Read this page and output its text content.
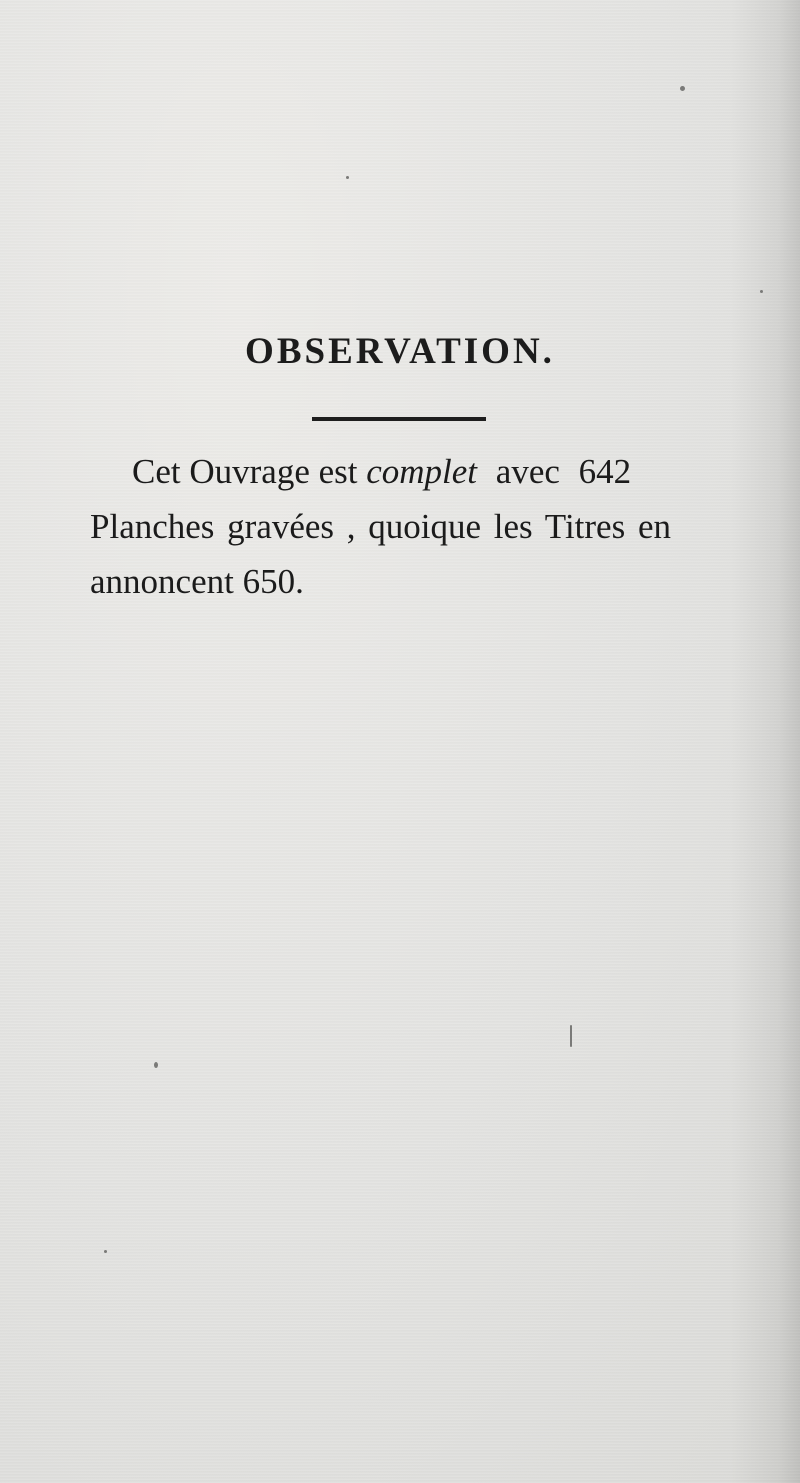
OBSERVATION.
Cet Ouvrage est complet avec 642
Planches gravées , quoique les Titres en
annoncent 650.
